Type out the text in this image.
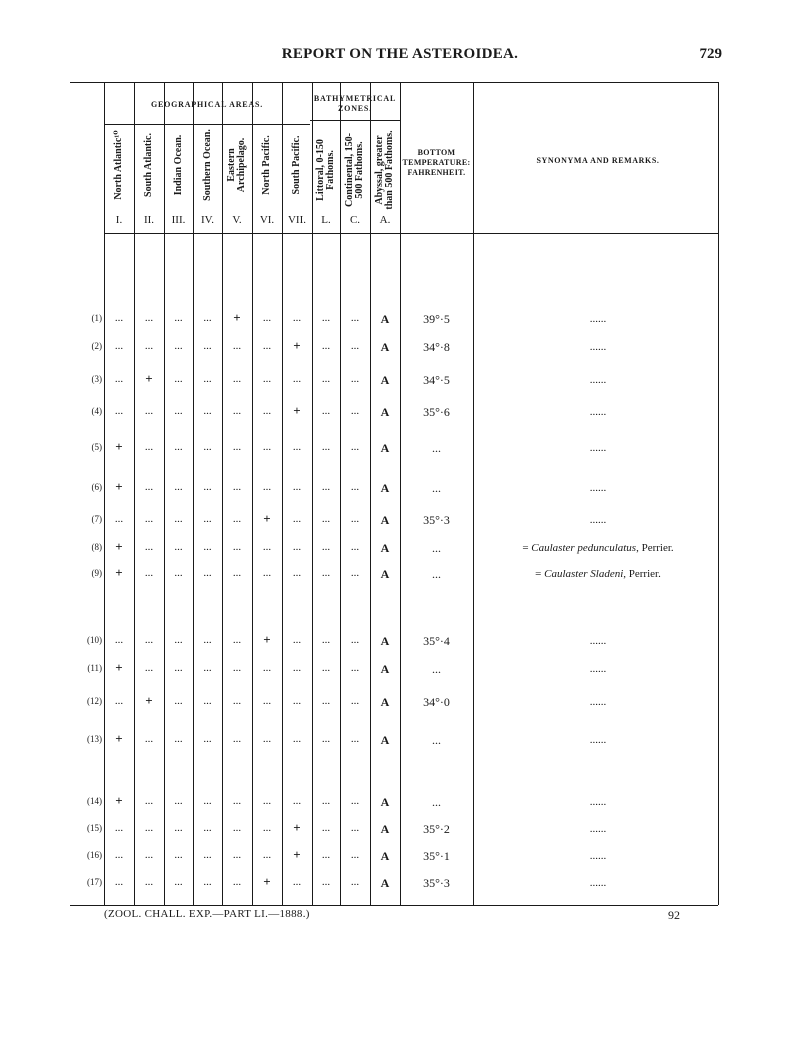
REPORT ON THE ASTEROIDEA.	729
GEOGRAPHICAL AREAS.
BATHYMETRICAL ZONES.
North Atlantic¹⁰
I.
South Atlantic.
II.
Indian Ocean.
III.
Southern Ocean.
IV.
Eastern Archipelago.
V.
North Pacific.
VI.
South Pacific.
VII.
Littoral, 0-150 Fathoms.
L.
Continental, 150-500 Fathoms.
C.
Abyssal, greater than 500 Fathoms.
A.
BOTTOM TEMPERATURE: FAHRENHEIT.
SYNONYMA AND REMARKS.
(1) ... ... ... ... + ... ... ... ... A	39°·5	......
(2) ... ... ... ... ... ... + ... ... A	34°·8	......
(3) ... + ... ... ... ... ... ... ... A	34°·5	......
(4) ... ... ... ... ... ... + ... ... A	35°·6	......
(5) + ... ... ... ... ... ... ... ... A	...	......
(6) + ... ... ... ... ... ... ... ... A	...	......
(7) ... ... ... ... ... + ... ... ... A	35°·3	......
(8) + ... ... ... ... ... ... ... ... A	...	= Caulaster pedunculatus, Perrier.
(9) + ... ... ... ... ... ... ... ... A	...	= Caulaster Sladeni, Perrier.
(10) ... ... ... ... ... + ... ... ... A	35°·4	......
(11) + ... ... ... ... ... ... ... ... A	...	......
(12) ... + ... ... ... ... ... ... ... A	34°·0	......
(13) + ... ... ... ... ... ... ... ... A	...	......
(14) + ... ... ... ... ... ... ... ... A	...	......
(15) ... ... ... ... ... ... + ... ... A	35°·2	......
(16) ... ... ... ... ... ... + ... ... A	35°·1	......
(17) ... ... ... ... ... + ... ... ... A	35°·3	......
(ZOOL. CHALL. EXP.—PART LI.—1888.)	92
